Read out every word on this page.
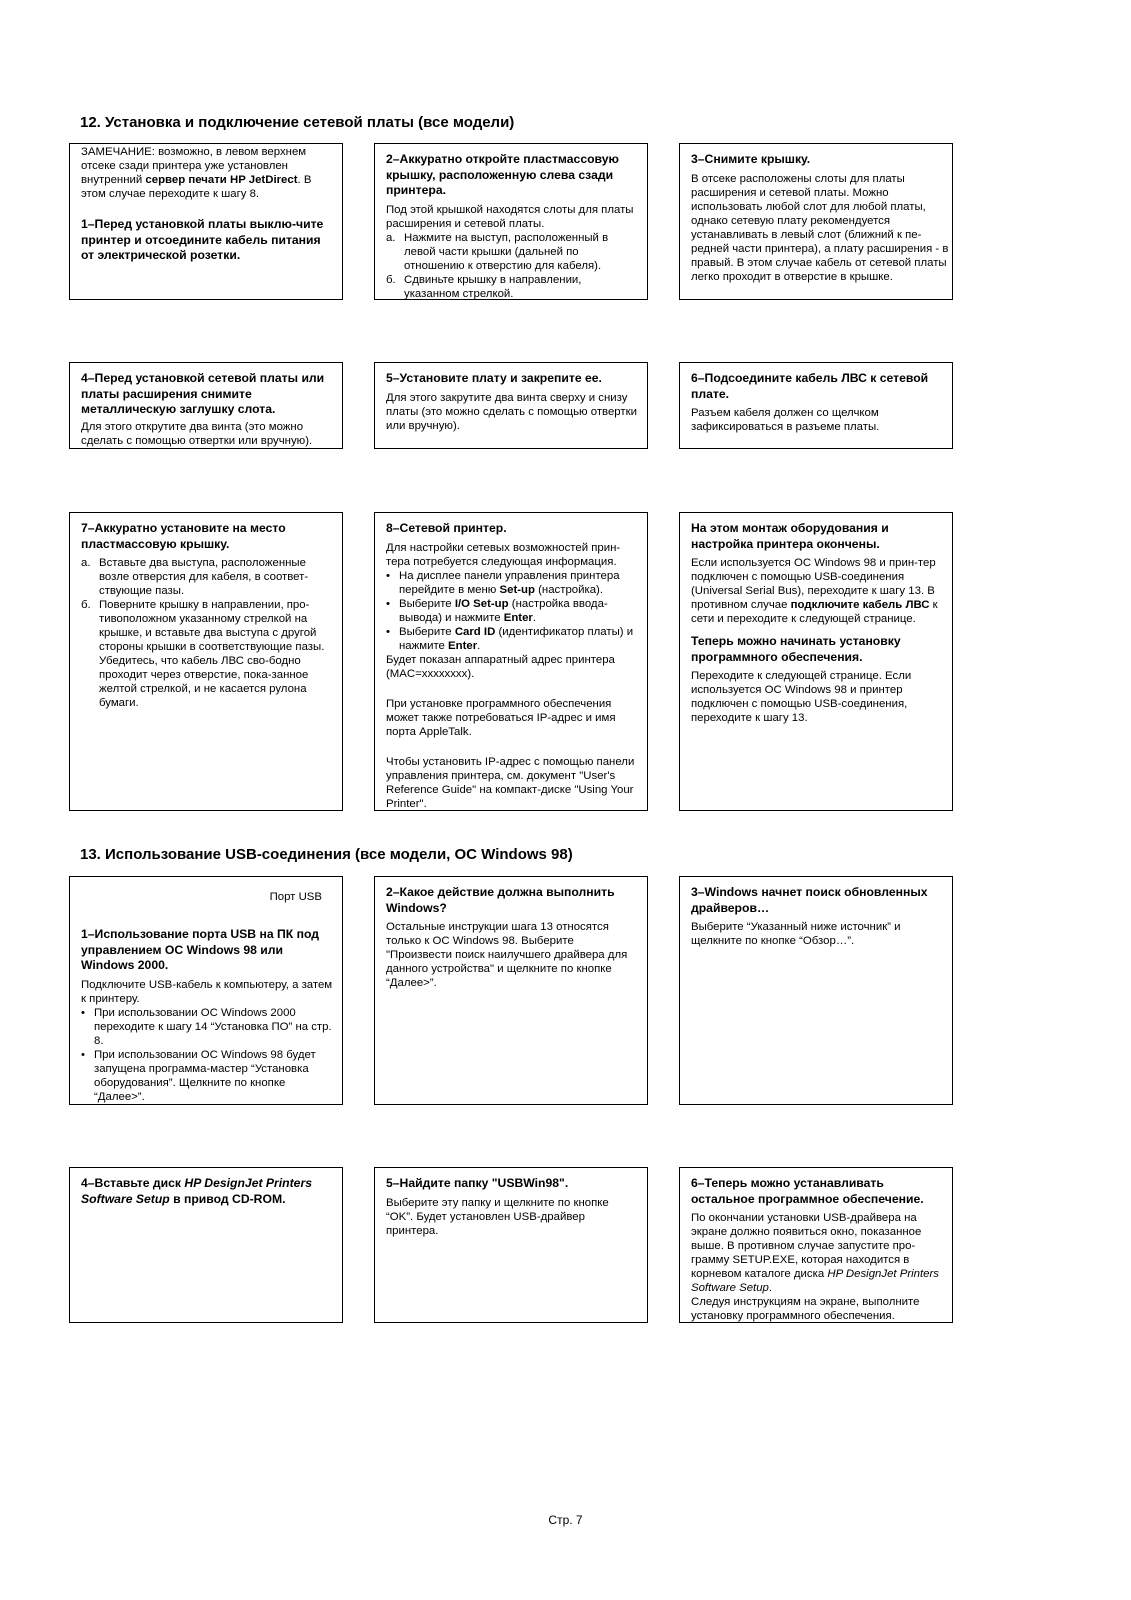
12. Установка и подключение сетевой платы (все модели)

ЗАМЕЧАНИЕ: возможно, в левом верхнем отсеке сзади принтера уже установлен внутренний сервер печати HP JetDirect. В этом случае переходите к шагу 8.

1–Перед установкой платы выклю-чите принтер и отсоедините кабель питания от электрической розетки.

2–Аккуратно откройте пластмассовую крышку, расположенную слева сзади принтера.

Под этой крышкой находятся слоты для платы расширения и сетевой платы.

а. Нажмите на выступ, расположенный в левой части крышки (дальней по отношению к отверстию для кабеля).
б. Сдвиньте крышку в направлении, указанном стрелкой.

3–Снимите крышку.

В отсеке расположены слоты для платы расширения и сетевой платы. Можно использовать любой слот для любой платы, однако сетевую плату рекомендуется устанавливать в левый слот (ближний к пе-редней части принтера), а плату расширения - в правый. В этом случае кабель от сетевой платы легко проходит в отверстие в крышке.

4–Перед установкой сетевой платы или платы расширения снимите металлическую заглушку слота.

Для этого открутите два винта (это можно сделать с помощью отвертки или вручную).

5–Установите плату и закрепите ее.

Для этого закрутите два винта сверху и снизу платы (это можно сделать с помощью отвертки или вручную).

6–Подсоедините кабель ЛВС к сетевой плате.

Разъем кабеля должен со щелчком зафиксироваться в разъеме платы.

7–Аккуратно установите на место пластмассовую крышку.

а. Вставьте два выступа, расположенные возле отверстия для кабеля, в соответ-ствующие пазы.
б. Поверните крышку в направлении, про-тивоположном указанному стрелкой на крышке, и вставьте два выступа с другой стороны крышки в соответствующие пазы. Убедитесь, что кабель ЛВС сво-бодно проходит через отверстие, пока-занное желтой стрелкой, и не касается рулона бумаги.

8–Сетевой принтер.

Для настройки сетевых возможностей прин-тера потребуется следующая информация.

• На дисплее панели управления принтера перейдите в меню Set-up (настройка).
• Выберите I/O Set-up (настройка ввода-вывода) и нажмите Enter.
• Выберите Card ID (идентификатор платы) и нажмите Enter.

Будет показан аппаратный адрес принтера (MAC=xxxxxxxx).

При установке программного обеспечения может также потребоваться IP-адрес и имя порта AppleTalk.

Чтобы установить IP-адрес с помощью панели управления принтера, см. документ "User's Reference Guide" на компакт-диске "Using Your Printer".

На этом монтаж оборудования и настройка принтера окончены.

Если используется ОС Windows 98 и прин-тер подключен с помощью USB-соединения (Universal Serial Bus), переходите к шагу 13. В противном случае подключите кабель ЛВС к сети и переходите к следующей странице.

Теперь можно начинать установку программного обеспечения.

Переходите к следующей странице. Если используется ОС Windows 98 и принтер подключен с помощью USB-соединения, переходите к шагу 13.

13. Использование USB-соединения (все модели, ОС Windows 98)
Порт USB

1–Использование порта USB на ПК под управлением ОС Windows 98 или Windows 2000.

Подключите USB-кабель к компьютеру, а затем к принтеру.

• При использовании ОС Windows 2000 переходите к шагу 14 “Установка ПО” на стр. 8.
• При использовании ОС Windows 98 будет запущена программа-мастер “Установка оборудования”. Щелкните по кнопке “Далее>”.

2–Какое действие должна выполнить Windows?

Остальные инструкции шага 13 относятся только к ОС Windows 98. Выберите "Произвести поиск наилучшего драйвера для данного устройства" и щелкните по кнопке “Далее>”.

3–Windows начнет поиск обновленных драйверов…

Выберите “Указанный ниже источник” и щелкните по кнопке “Обзор…”.

4–Вставьте диск HP DesignJet Printers Software Setup в привод CD-ROM.

5–Найдите папку "USBWin98".

Выберите эту папку и щелкните по кнопке “OK”. Будет установлен USB-драйвер принтера.

6–Теперь можно устанавливать остальное программное обеспечение.

По окончании установки USB-драйвера на экране должно появиться окно, показанное выше. В противном случае запустите про-грамму SETUP.EXE, которая находится в корневом каталоге диска HP DesignJet Printers Software Setup.

Следуя инструкциям на экране, выполните установку программного обеспечения.

Стр. 7
